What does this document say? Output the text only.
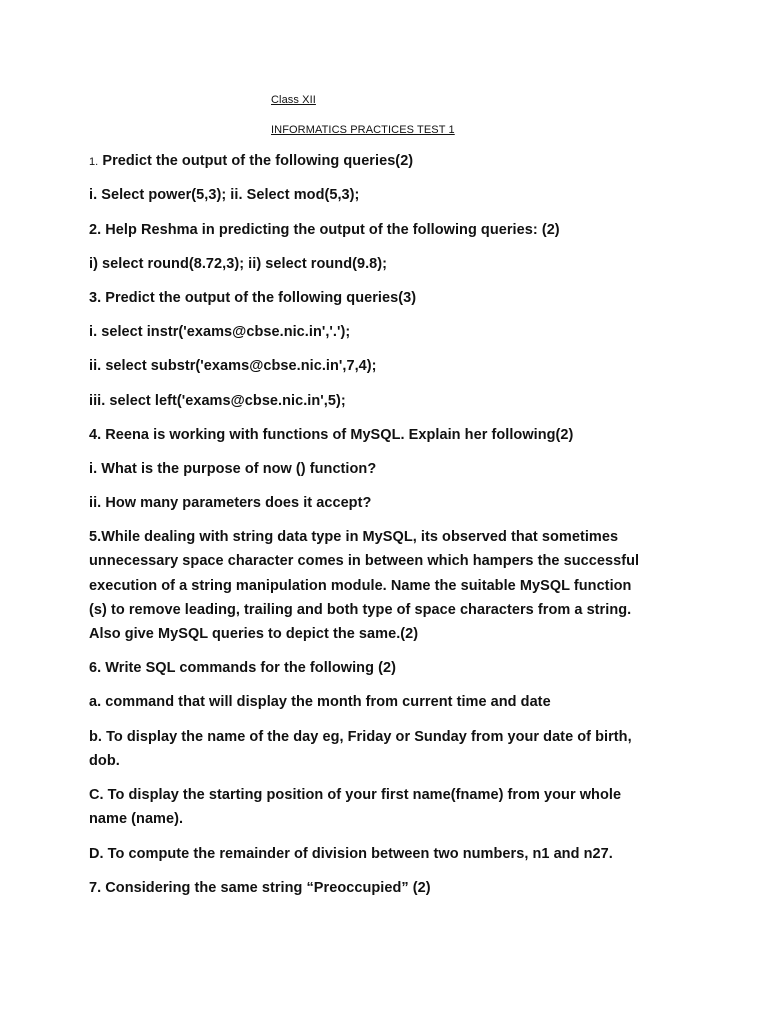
Class XII
INFORMATICS PRACTICES TEST 1
1. Predict the output of the following queries(2)
i. Select power(5,3); ii. Select mod(5,3);
2. Help Reshma in predicting the output of the following queries: (2)
i) select round(8.72,3); ii) select round(9.8);
3. Predict the output of the following queries(3)
i. select instr('exams@cbse.nic.in','.');
ii. select substr('exams@cbse.nic.in',7,4);
iii. select left('exams@cbse.nic.in',5);
4. Reena is working with functions of MySQL. Explain her following(2)
i. What is the purpose of now () function?
ii. How many parameters does it accept?
5.While dealing with string data type in MySQL, its observed that sometimes
unnecessary space character comes in between which hampers the successful
execution of a string manipulation module. Name the suitable MySQL function
(s) to remove leading, trailing and both type of space characters from a string.
Also give MySQL queries to depict the same.(2)
6. Write SQL commands for the following (2)
a. command that will display the month from current time and date
b. To display the name of the day eg, Friday or Sunday from your date of birth,
dob.
C. To display the starting position of your first name(fname) from your whole
name (name).
D. To compute the remainder of division between two numbers, n1 and n27.
7. Considering the same string “Preoccupied” (2)
